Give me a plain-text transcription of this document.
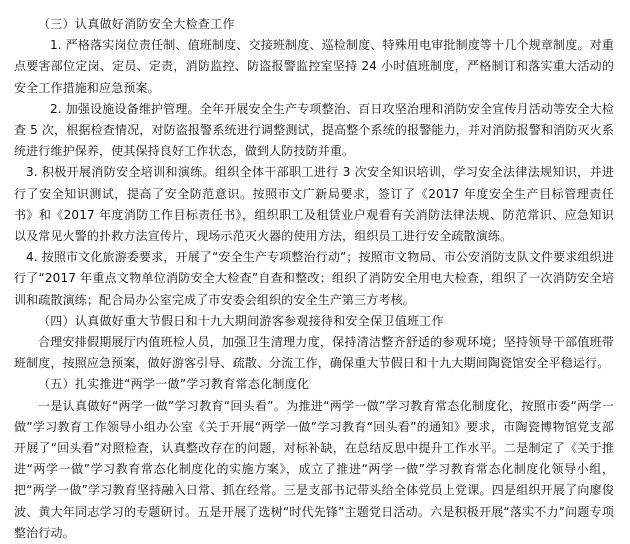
（三）认真做好消防安全大检查工作

1. 严格落实岗位责任制、值班制度、交接班制度、巡检制度、特殊用电审批制度等十几个规章制度。对重点要害部位定岗、定员、定责，消防监控、防盗报警监控室坚持 24 小时值班制度，严格制订和落实重大活动的安全工作措施和应急预案。

2. 加强设施设备维护管理。全年开展安全生产专项整治、百日攻坚治理和消防安全宣传月活动等安全大检查 5 次，根据检查情况，对防盗报警系统进行调整测试，提高整个系统的报警能力，并对消防报警和消防灭火系统进行维护保养，使其保持良好工作状态，做到人防技防并重。

3. 积极开展消防安全培训和演练。组织全体干部职工进行 3 次安全知识培训，学习安全法律法规知识，并进行了安全知识测试，提高了安全防范意识。按照市文广新局要求，签订了《2017 年度安全生产目标管理责任书》和《2017 年度消防工作目标责任书》，组织职工及租赁业户观看有关消防法律法规、防范常识、应急知识以及常见火警的扑救方法宣传片，现场示范灭火器的使用方法，组织员工进行安全疏散演练。

4. 按照市文化旅游委要求，开展了“安全生产专项整治行动”；按照市文物局、市公安消防支队文件要求组织进行了“2017 年重点文物单位消防安全大检查”自查和整改；组织了消防安全用电大检查，组织了一次消防安全培训和疏散演练；配合局办公室完成了市安委会组织的安全生产第三方考核。

（四）认真做好重大节假日和十九大期间游客参观接待和安全保卫值班工作

合理安排假期展厅内值班检人员，加强卫生清理力度，保持清洁整齐舒适的参观环境；坚持领导干部值班带班制度，按照应急预案，做好游客引导、疏散、分流工作，确保重大节假日和十九大期间陶瓷馆安全平稳运行。

（五）扎实推进“两学一做”学习教育常态化制度化

一是认真做好“两学一做”学习教育“回头看”。为推进“两学一做”学习教育常态化制度化，按照市委“两学一做”学习教育工作领导小组办公室《关于开展“两学一做”学习教育“回头看”的通知》要求，市陶瓷博物馆党支部开展了“回头看”对照检查，认真整改存在的问题，对标补缺，在总结反思中提升工作水平。二是制定了《关于推进“两学一做”学习教育常态化制度化的实施方案》，成立了推进“两学一做”学习教育常态化制度化领导小组，把“两学一做”学习教育坚持融入日常、抓在经常。三是支部书记带头给全体党员上党课。四是组织开展了向廖俊波、黄大年同志学习的专题研讨。五是开展了选树“时代先锋”主题党日活动。六是积极开展“落实不力”问题专项整治行动。
